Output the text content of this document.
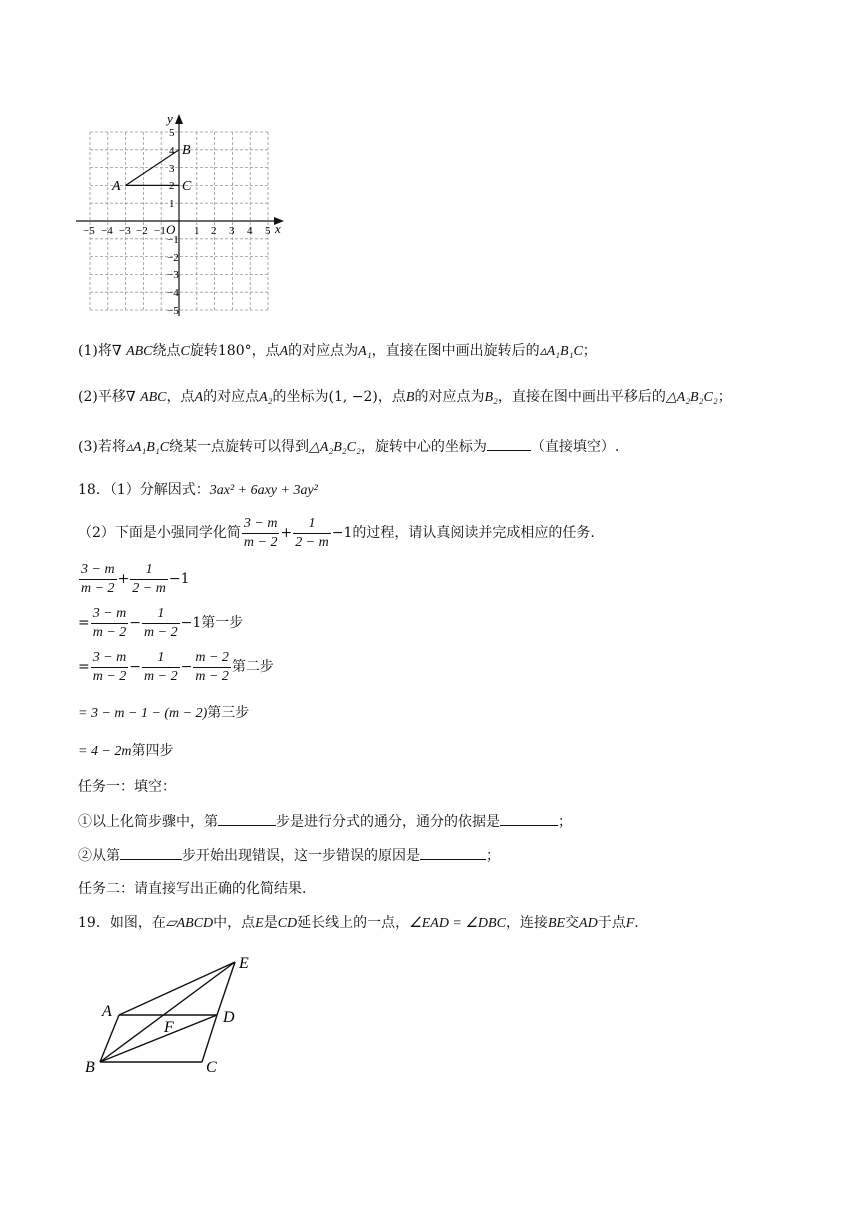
x
y
O
−5 −4 −3 −2 −1	1 2 3 4 5
5
4
3
2
1
−1
−2
−3
−4
−5
A
B
C
(1)将∇ ABC绕点C旋转180°，点A的对应点为A₁，直接在图中画出旋转后的▵A₁B₁C；
(2)平移∇ ABC，点A的对应点A₂的坐标为(1, −2)，点B的对应点为B₂，直接在图中画出平移后的△A₂B₂C₂；
(3)若将▵A₁B₁C绕某一点旋转可以得到△A₂B₂C₂，旋转中心的坐标为	（直接填空）.
18．（1）分解因式：3ax² + 6axy + 3ay²
（2）下面是小强同学化简 $\frac{3 - m}{m - 2} + \frac{1}{2 - m} -1$的过程，请认真阅读并完成相应的任务.
$\frac{3 - m}{m - 2} + \frac{1}{2 - m} -1$
= $\frac{3 - m}{m - 2} - \frac{1}{m - 2} -1$第一步
= $\frac{3 - m}{m - 2} - \frac{1}{m - 2} - \frac{m - 2}{m - 2}$ 第二步
= 3 − m − 1 − (m − 2)第三步
= 4 − 2m第四步
任务一：填空：
①以上化简步骤中，第	步是进行分式的通分，通分的依据是	；
②从第	步开始出现错误，这一步错误的原因是	；
任务二：请直接写出正确的化简结果.
19．如图，在▱ABCD中，点E是CD延长线上的一点，∠EAD = ∠DBC，连接BE交AD于点F.
E
A	D
F
B	C
